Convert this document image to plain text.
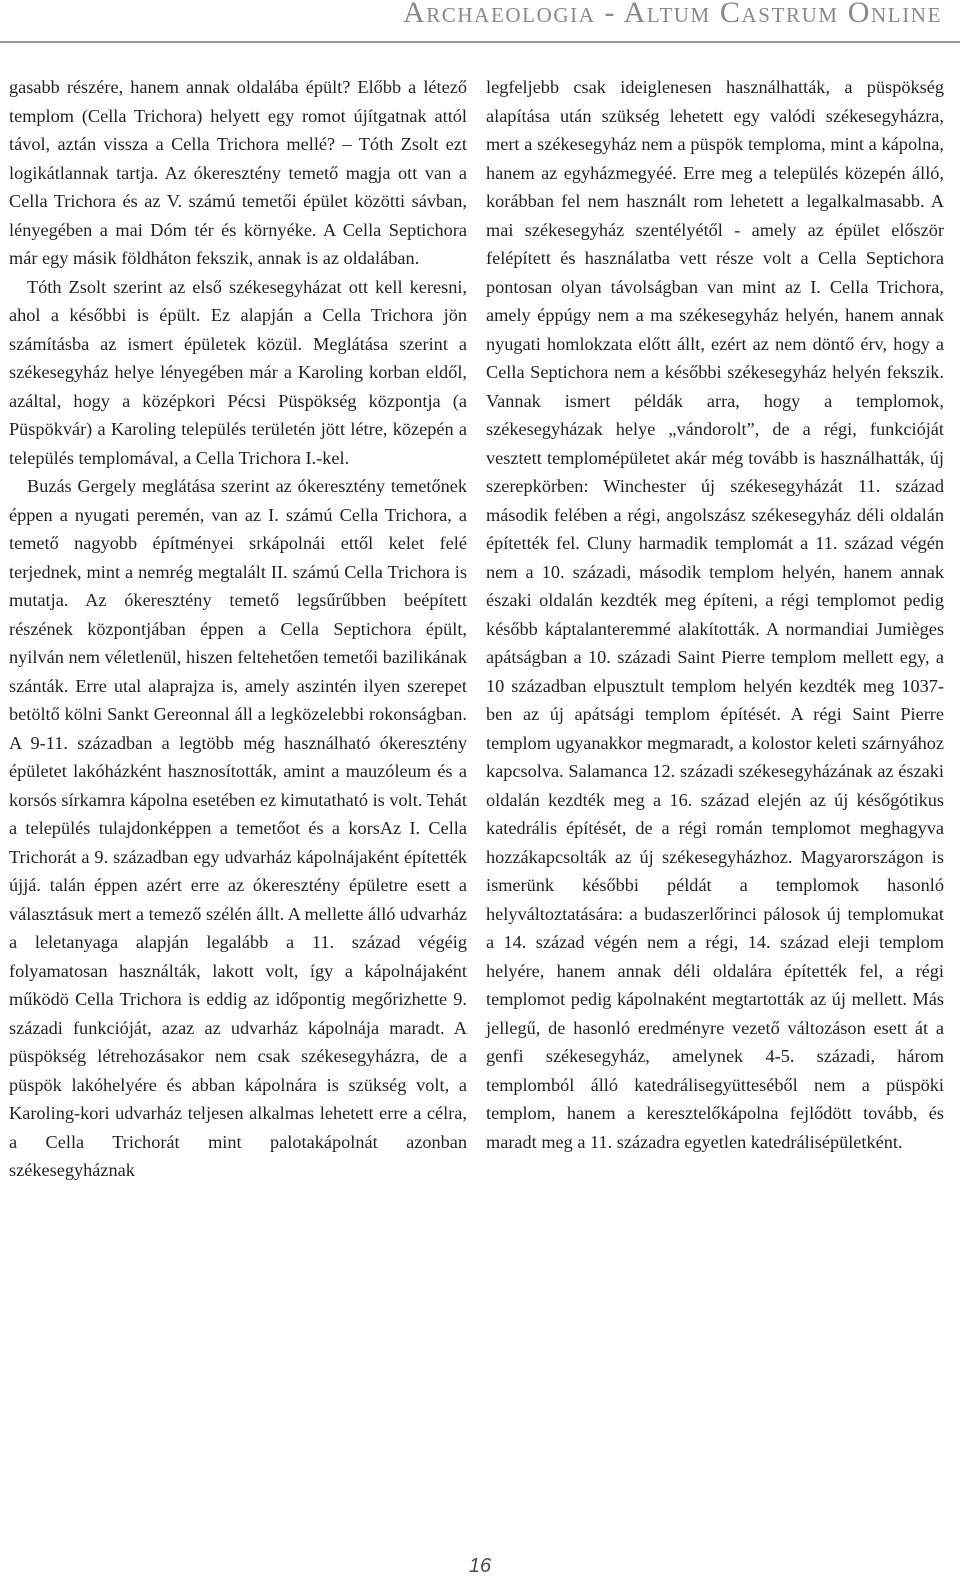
Archaeologia - Altum Castrum Online

gasabb részére, hanem annak oldalába épült? Előbb a létező templom (Cella Trichora) helyett egy romot újítgatnak attól távol, aztán vissza a Cella Trichora mellé? – Tóth Zsolt ezt logikátlannak tartja. Az ókeresztény temető magja ott van a Cella Trichora és az V. számú temetői épület közötti sávban, lényegében a mai Dóm tér és környéke. A Cella Septichora már egy másik földháton fekszik, annak is az oldalában.

Tóth Zsolt szerint az első székesegyházat ott kell keresni, ahol a későbbi is épült. Ez alapján a Cella Trichora jön számításba az ismert épületek közül. Meglátása szerint a székesegyház helye lényegében már a Karoling korban eldől, azáltal, hogy a középkori Pécsi Püspökség központja (a Püspökvár) a Karoling település területén jött létre, közepén a település templomával, a Cella Trichora I.-kel.

Buzás Gergely meglátása szerint az ókeresztény temetőnek éppen a nyugati peremén, van az I. számú Cella Trichora, a temető nagyobb építményei srkápolnái ettől kelet felé terjednek, mint a nemrég megtalált II. számú Cella Trichora is mutatja. Az ókeresztény temető legsűrűbben beépített részének központjában éppen a Cella Septichora épült, nyilván nem véletlenül, hiszen feltehetően temetői bazilikának szánták. Erre utal alaprajza is, amely aszintén ilyen szerepet betöltő kölni Sankt Gereonnal áll a legközelebbi rokonságban. A 9-11. században a legtöbb még használható ókeresztény épületet lakóházként hasznosították, amint a mauzóleum és a korsós sírkamra kápolna esetében ez kimutatható is volt. Tehát a település tulajdonképpen a temetőot és a korsAz I. Cella Trichorát a 9. században egy udvarház kápolnájaként építették újjá. talán éppen azért erre az ókeresztény épületre esett a választásuk mert a temező szélén állt. A mellette álló udvarház a leletanyaga alapján legalább a 11. század végéig folyamatosan használták, lakott volt, így a kápolnájaként működö Cella Trichora is eddig az időpontig megőrizhette 9. századi funkcióját, azaz az udvarház kápolnája maradt. A püspökség létrehozásakor nem csak székesegyházra, de a püspök lakóhelyére és abban kápolnára is szükség volt, a Karoling-kori udvarház teljesen alkalmas lehetett erre a célra, a Cella Trichorát mint palotakápolnát azonban székesegyháznak

legfeljebb csak ideiglenesen használhatták, a püspökség alapítása után szükség lehetett egy valódi székesegyházra, mert a székesegyház nem a püspök temploma, mint a kápolna, hanem az egyházmegyéé. Erre meg a település közepén álló, korábban fel nem használt rom lehetett a legalkalmasabb. A mai székesegyház szentélyétől - amely az épület először felépített és használatba vett része volt a Cella Septichora pontosan olyan távolságban van mint az I. Cella Trichora, amely éppúgy nem a ma székesegyház helyén, hanem annak nyugati homlokzata előtt állt, ezért az nem döntő érv, hogy a Cella Septichora nem a későbbi székesegyház helyén fekszik. Vannak ismert példák arra, hogy a templomok, székesegyházak helye „vándorolt”, de a régi, funkcióját vesztett templomépületet akár még tovább is használhatták, új szerepkörben: Winchester új székesegyházát 11. század második felében a régi, angolszász székesegyház déli oldalán építették fel. Cluny harmadik templomát a 11. század végén nem a 10. századi, második templom helyén, hanem annak északi oldalán kezdték meg építeni, a régi templomot pedig később káptalanteremmé alakították. A normandiai Jumièges apátságban a 10. századi Saint Pierre templom mellett egy, a 10 században elpusztult templom helyén kezdték meg 1037-ben az új apátsági templom építését. A régi Saint Pierre templom ugyanakkor megmaradt, a kolostor keleti szárnyához kapcsolva. Salamanca 12. századi székesegyházának az északi oldalán kezdték meg a 16. század elején az új későgótikus katedrális építését, de a régi román templomot meghagyva hozzákapcsolták az új székesegyházhoz. Magyarországon is ismerünk későbbi példát a templomok hasonló helyváltoztatására: a budaszerlőrinci pálosok új templomukat a 14. század végén nem a régi, 14. század eleji templom helyére, hanem annak déli oldalára építették fel, a régi templomot pedig kápolnaként megtartották az új mellett. Más jellegű, de hasonló eredményre vezető változáson esett át a genfi székesegyház, amelynek 4-5. századi, három templomból álló katedrálisegyütteséből nem a püspöki templom, hanem a keresztelőkápolna fejlődött tovább, és maradt meg a 11. századra egyetlen katedrálisépületként.

16
